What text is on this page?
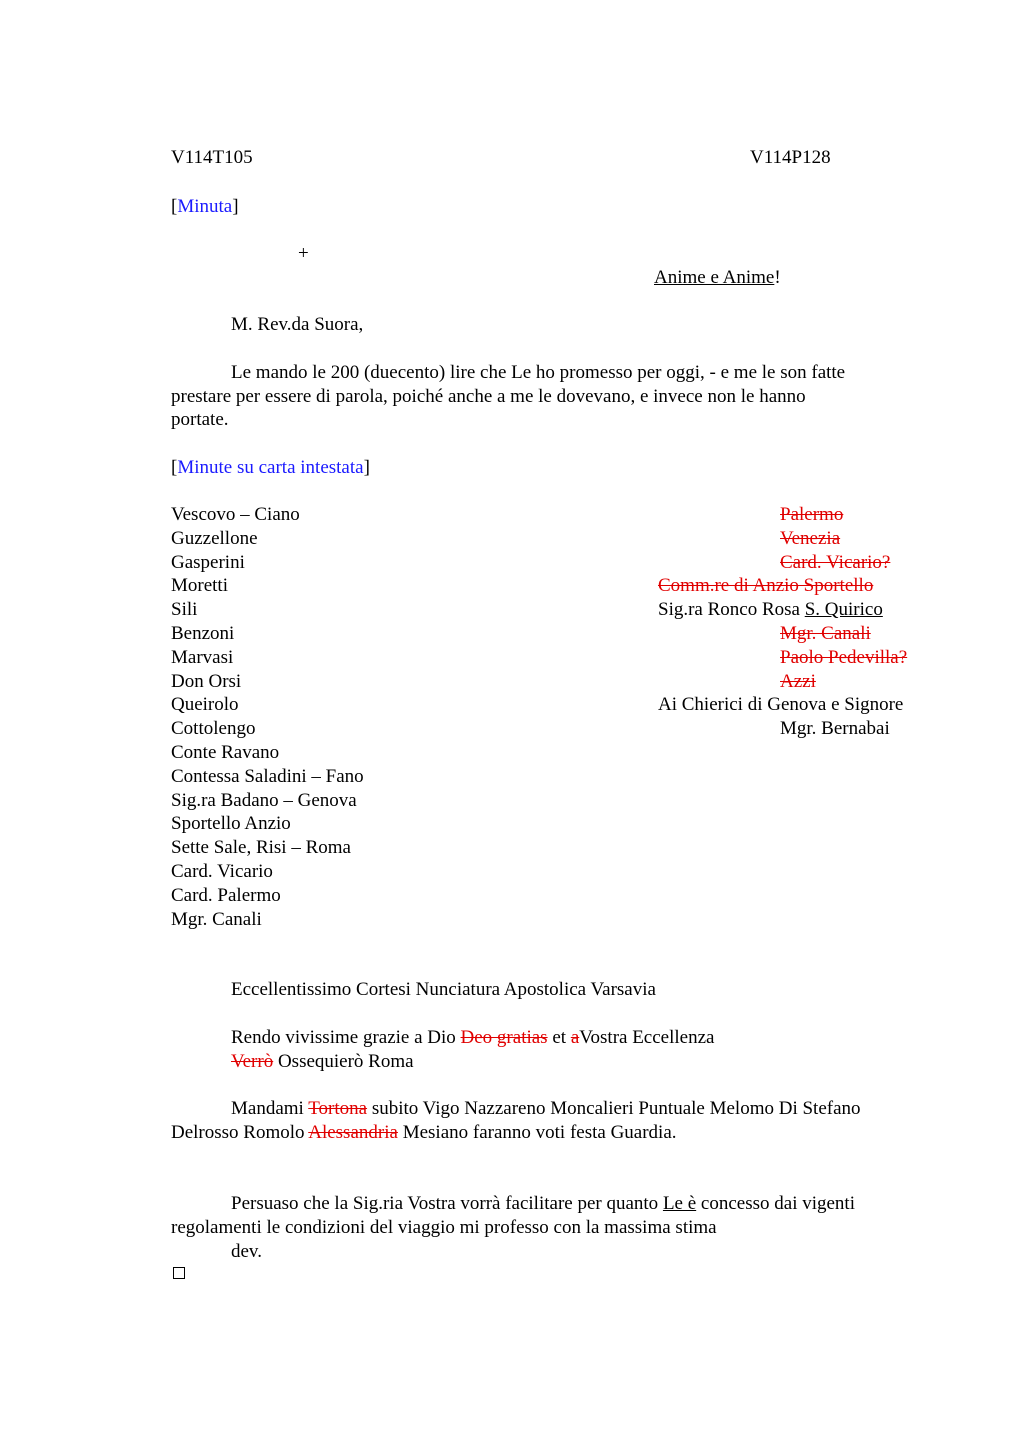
V114T105	V114P128
[Minuta]
+
Anime e Anime!
M. Rev.da Suora,
Le mando le 200 (duecento) lire che Le ho promesso per oggi, - e me le son fatte
prestare per essere di parola, poiché anche a me le dovevano, e invece non le hanno
portate.
[Minute su carta intestata]
Vescovo – Ciano
Guzzellone
Gasperini
Moretti
Sili
Benzoni
Marvasi
Don Orsi
Queirolo
Cottolengo
Conte Ravano
Contessa Saladini – Fano
Sig.ra Badano – Genova
Sportello Anzio
Sette Sale, Risi – Roma
Card. Vicario
Card. Palermo
Mgr. Canali
Palermo
Venezia
Card. Vicario?
Comm.re di Anzio Sportello
Sig.ra Ronco Rosa S. Quirico
Mgr. Canali
Paolo Pedevilla?
Azzi
Ai Chierici di Genova e Signore
Mgr. Bernabai
Eccellentissimo Cortesi Nunciatura Apostolica Varsavia
Rendo vivissime grazie a Dio Deo gratias et aVostra Eccellenza
Verrò Ossequierò Roma
Mandami Tortona subito Vigo Nazzareno Moncalieri Puntuale Melomo Di Stefano
Delrosso Romolo Alessandria Mesiano faranno voti festa Guardia.
Persuaso che la Sig.ria Vostra vorrà facilitare per quanto Le è concesso dai vigenti
regolamenti le condizioni del viaggio mi professo con la massima stima
dev.
